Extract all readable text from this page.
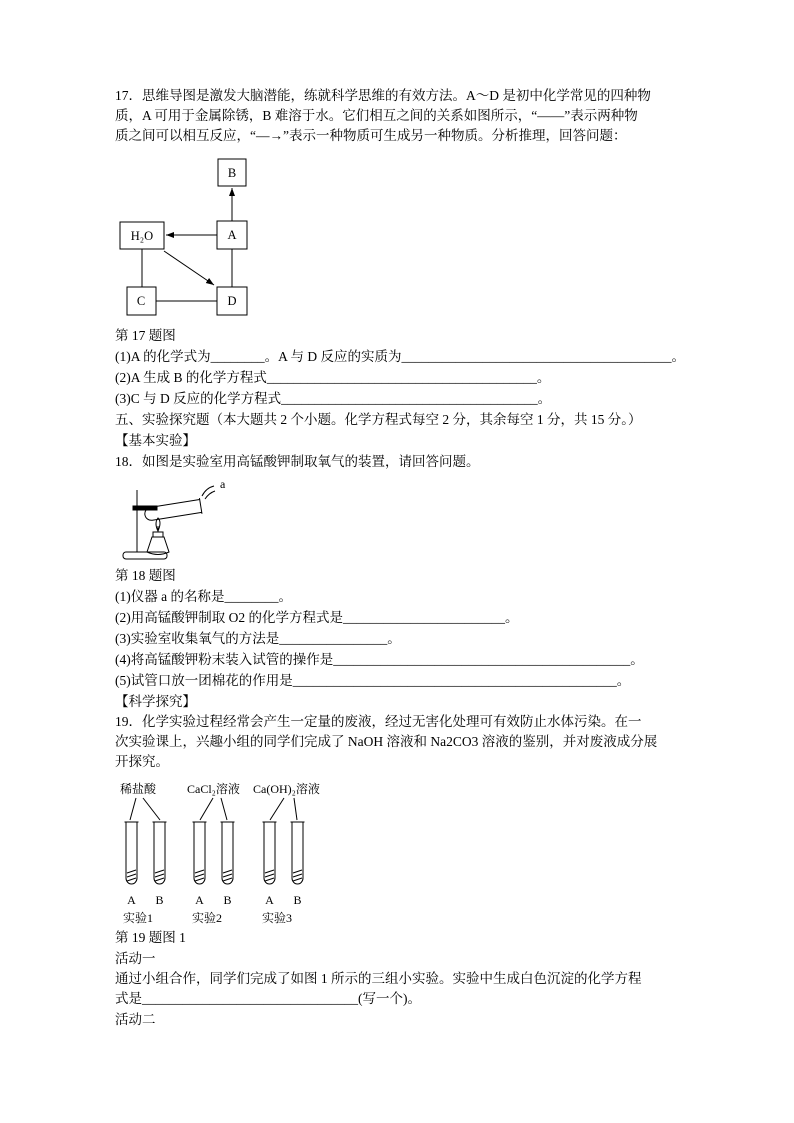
17．思维导图是激发大脑潜能，练就科学思维的有效方法。A～D 是初中化学常见的四种物

质，A 可用于金属除锈，B 难溶于水。它们相互之间的关系如图所示，“——”表示两种物

质之间可以相互反应，“—→”表示一种物质可生成另一种物质。分析推理，回答问题：

B
A
H₂O
C	D

第 17 题图

(1)A 的化学式为________。A 与 D 反应的实质为________________________________________。

(2)A 生成 B 的化学方程式________________________________________。

(3)C 与 D 反应的化学方程式______________________________________。

五、实验探究题（本大题共 2 个小题。化学方程式每空 2 分，其余每空 1 分，共 15 分。）

【基本实验】

18．如图是实验室用高锰酸钾制取氧气的装置，请回答问题。

a

第 18 题图

(1)仪器 a 的名称是________。

(2)用高锰酸钾制取 O2 的化学方程式是________________________。

(3)实验室收集氧气的方法是________________。

(4)将高锰酸钾粉末装入试管的操作是____________________________________________。

(5)试管口放一团棉花的作用是________________________________________________。

【科学探究】

19．化学实验过程经常会产生一定量的废液，经过无害化处理可有效防止水体污染。在一

次实验课上，兴趣小组的同学们完成了 NaOH 溶液和 Na2CO3 溶液的鉴别，并对废液成分展

开探究。

稀盐酸	CaCl₂溶液 Ca(OH)₂溶液
A B	A B	A B
实验1	实验2	实验3

第 19 题图 1

活动一

通过小组合作，同学们完成了如图 1 所示的三组小实验。实验中生成白色沉淀的化学方程

式是________________________________(写一个)。

活动二
